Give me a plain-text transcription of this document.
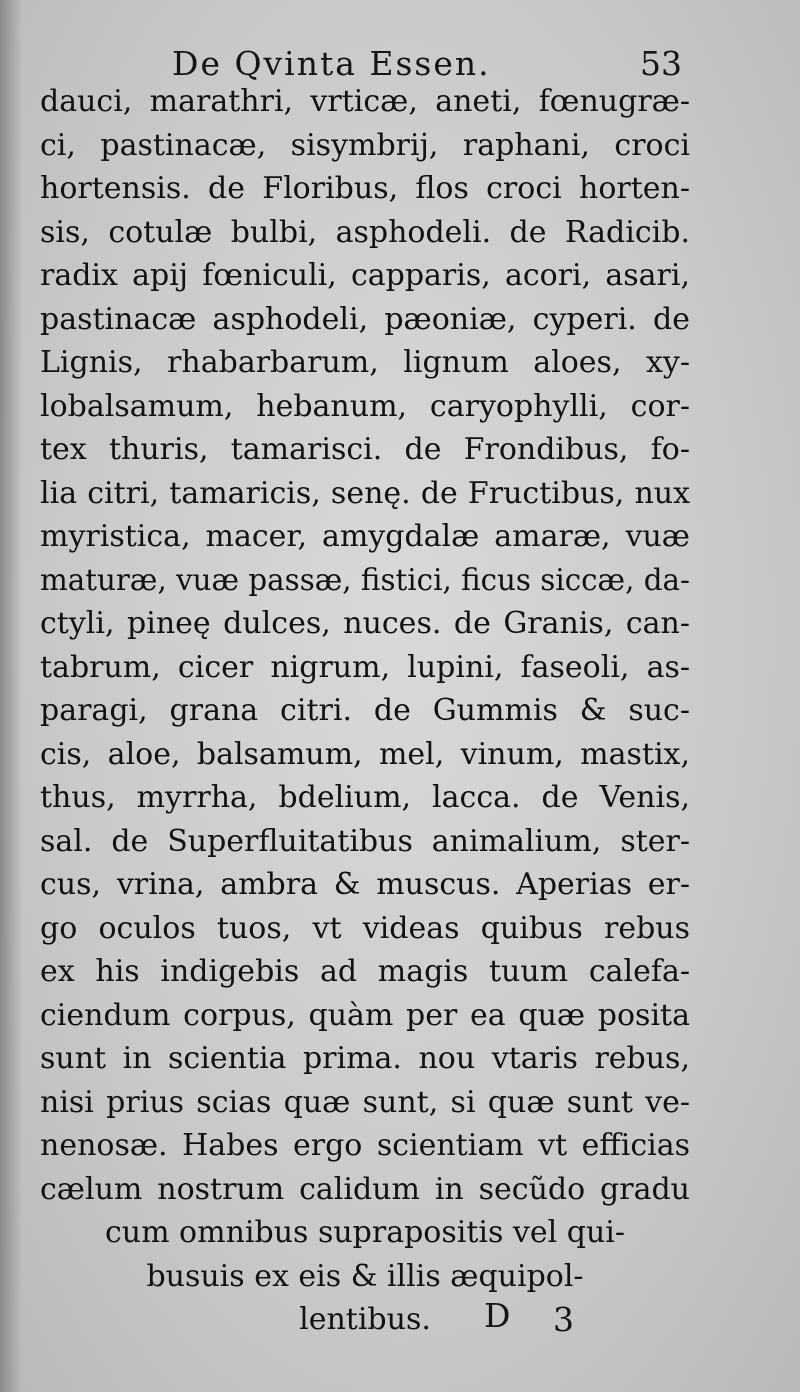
De Qvinta Essen.	53
dauci, marathri, vrticæ, aneti, fœnugræ-
ci, pastinacæ, sisymbrij, raphani, croci
hortensis. de Floribus, flos croci horten-
sis, cotulæ bulbi, asphodeli. de Radicib.
radix apij fœniculi, capparis, acori, asari,
pastinacæ asphodeli, pæoniæ, cyperi. de
Lignis, rhabarbarum, lignum aloes, xy-
lobalsamum, hebanum, caryophylli, cor-
tex thuris, tamarisci. de Frondibus, fo-
lia citri, tamaricis, senę. de Fructibus, nux
myristica, macer, amygdalæ amaræ, vuæ
maturæ, vuæ passæ, fistici, ficus siccæ, da-
ctyli, pineę dulces, nuces. de Granis, can-
tabrum, cicer nigrum, lupini, faseoli, as-
paragi, grana citri. de Gummis & suc-
cis, aloe, balsamum, mel, vinum, mastix,
thus, myrrha, bdelium, lacca. de Venis,
sal. de Superfluitatibus animalium, ster-
cus, vrina, ambra & muscus. Aperias er-
go oculos tuos, vt videas quibus rebus
ex his indigebis ad magis tuum calefa-
ciendum corpus, quàm per ea quæ posita
sunt in scientia prima. nou vtaris rebus,
nisi prius scias quæ sunt, si quæ sunt ve-
nenosæ. Habes ergo scientiam vt efficias
cælum nostrum calidum in secũdo gradu
cum omnibus suprapositis vel qui-
busuis ex eis & illis æquipol-
lentibus.	D 3
